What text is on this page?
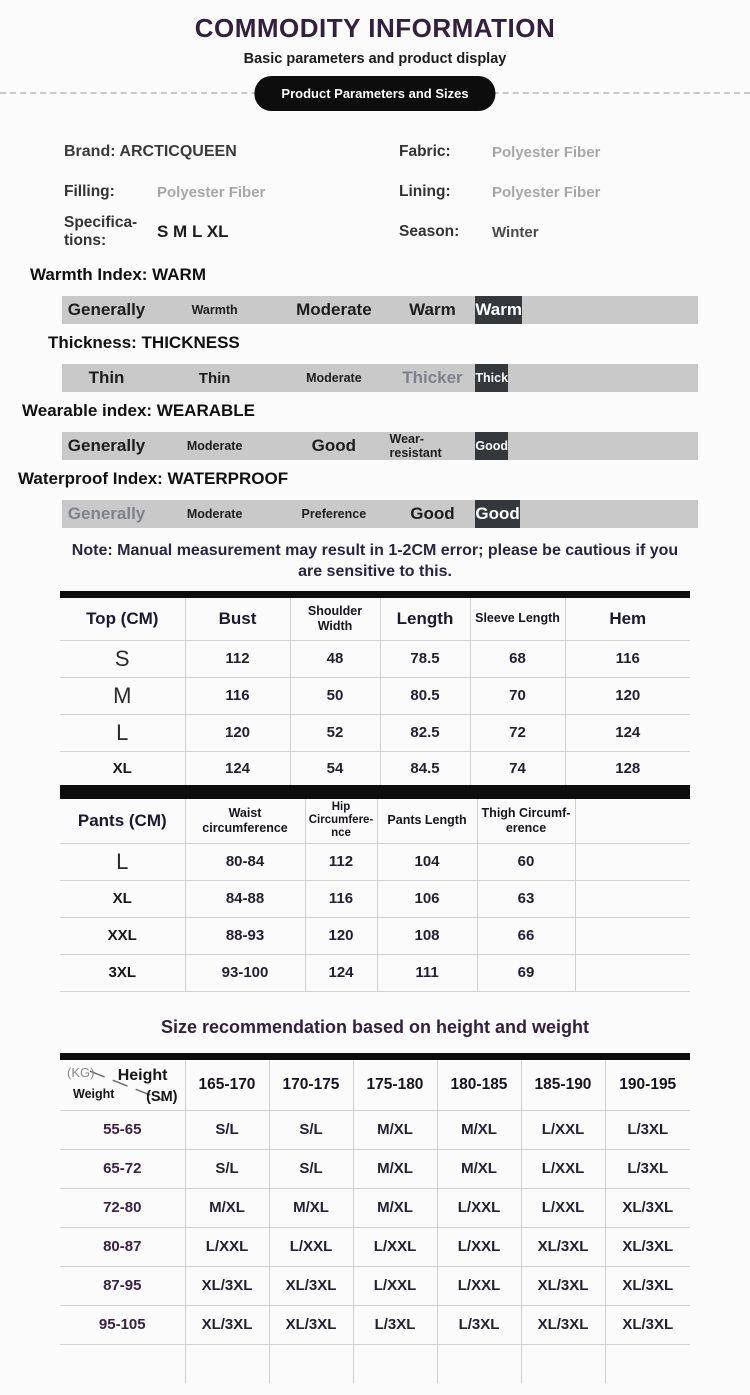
COMMODITY INFORMATION
Basic parameters and product display
Product Parameters and Sizes
Brand: ARCTICQUEEN	Fabric:	Polyester Fiber
Filling:	Polyester Fiber	Lining:	Polyester Fiber
Specifica-tions:	S M L XL	Season:	Winter
Warmth Index: WARM
Generally	Warmth	Moderate	Warm	Warm
Thickness: THICKNESS
Thin	Thin	Moderate	Thicker	Thick
Wearable index: WEARABLE
Generally	Moderate	Good	Wear-resistant	Good
Waterproof Index: WATERPROOF
Generally	Moderate	Preference	Good	Good
Note: Manual measurement may result in 1-2CM error; please be cautious if you are sensitive to this.
Top (CM)	Bust	Shoulder Width	Length	Sleeve Length	Hem
S	112	48	78.5	68	116
M	116	50	80.5	70	120
L	120	52	82.5	72	124
XL	124	54	84.5	74	128
Pants (CM)	Waist circumference	Hip Circumfere-nce	Pants Length	Thigh Circumf-erence	
L	80-84	112	104	60	
XL	84-88	116	106	63	
XXL	88-93	120	108	66	
3XL	93-100	124	111	69	
Size recommendation based on height and weight
(KG)
Weight
Height
(SM)	165-170	170-175	175-180	180-185	185-190	190-195
55-65	S/L	S/L	M/XL	M/XL	L/XXL	L/3XL
65-72	S/L	S/L	M/XL	M/XL	L/XXL	L/3XL
72-80	M/XL	M/XL	M/XL	L/XXL	L/XXL	XL/3XL
80-87	L/XXL	L/XXL	L/XXL	L/XXL	XL/3XL	XL/3XL
87-95	XL/3XL	XL/3XL	L/XXL	L/XXL	XL/3XL	XL/3XL
95-105	XL/3XL	XL/3XL	L/3XL	L/3XL	XL/3XL	XL/3XL
